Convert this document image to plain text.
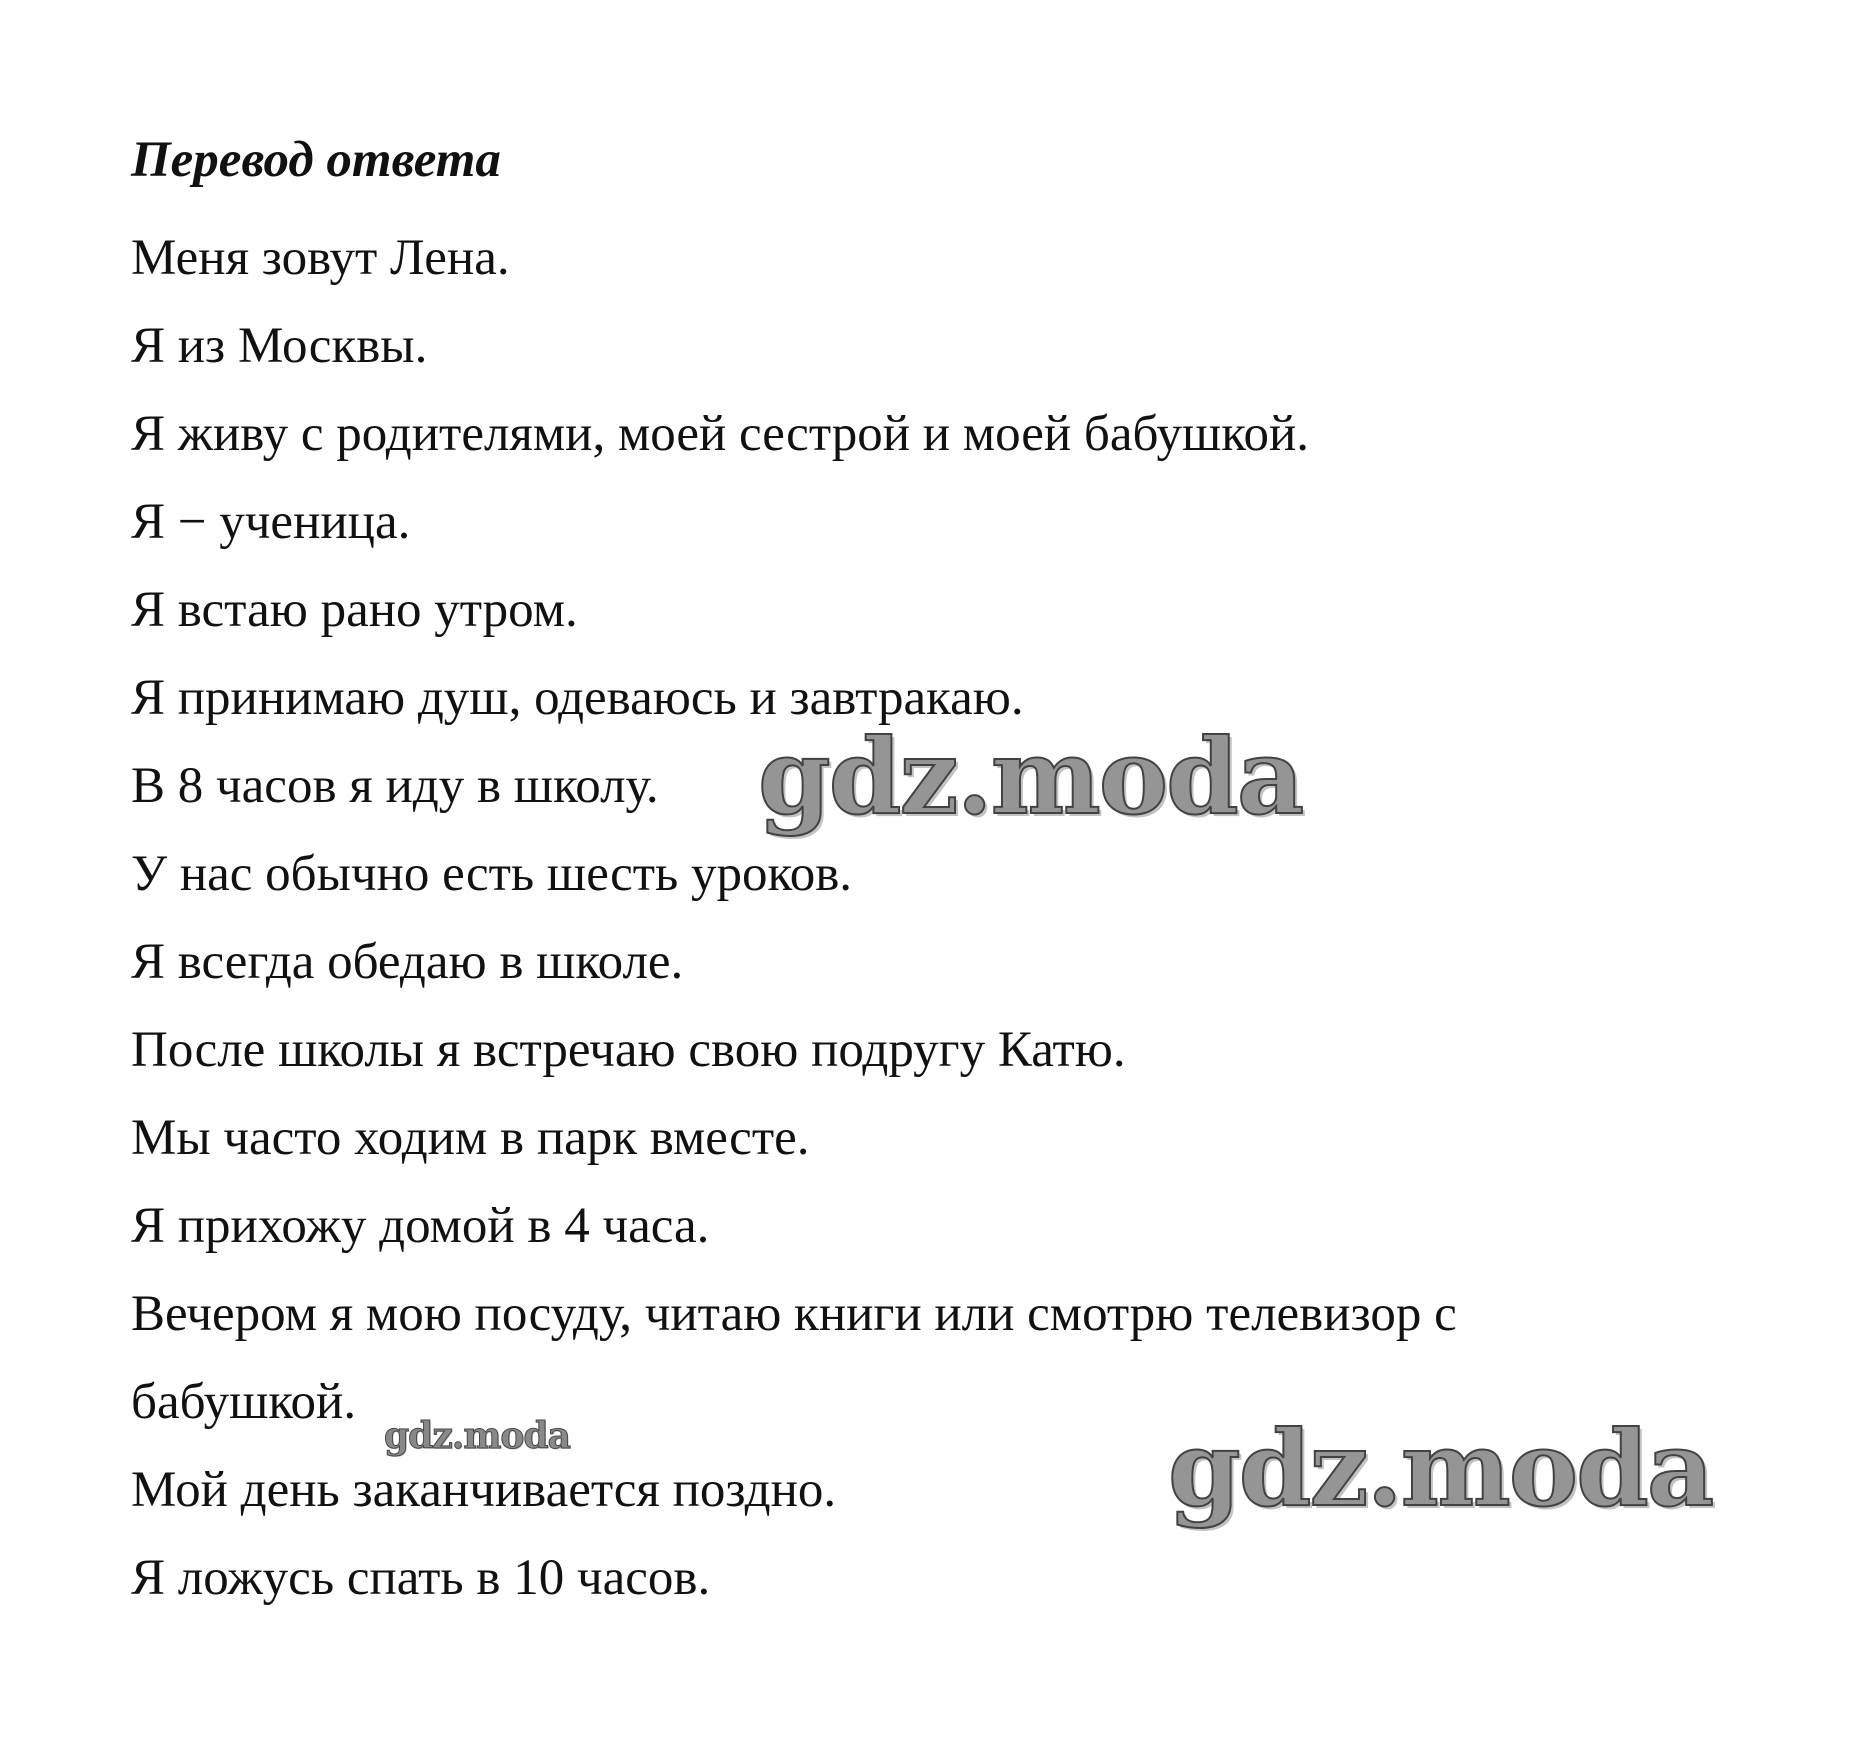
Перевод ответа
Меня зовут Лена.
Я из Москвы.
Я живу с родителями, моей сестрой и моей бабушкой.
Я − ученица.
Я встаю рано утром.
Я принимаю душ, одеваюсь и завтракаю.
В 8 часов я иду в школу.
У нас обычно есть шесть уроков.
Я всегда обедаю в школе.
После школы я встречаю свою подругу Катю.
Мы часто ходим в парк вместе.
Я прихожу домой в 4 часа.
Вечером я мою посуду, читаю книги или смотрю телевизор с
бабушкой.
Мой день заканчивается поздно.
Я ложусь спать в 10 часов.
gdz.moda
gdz.moda
gdz.moda
